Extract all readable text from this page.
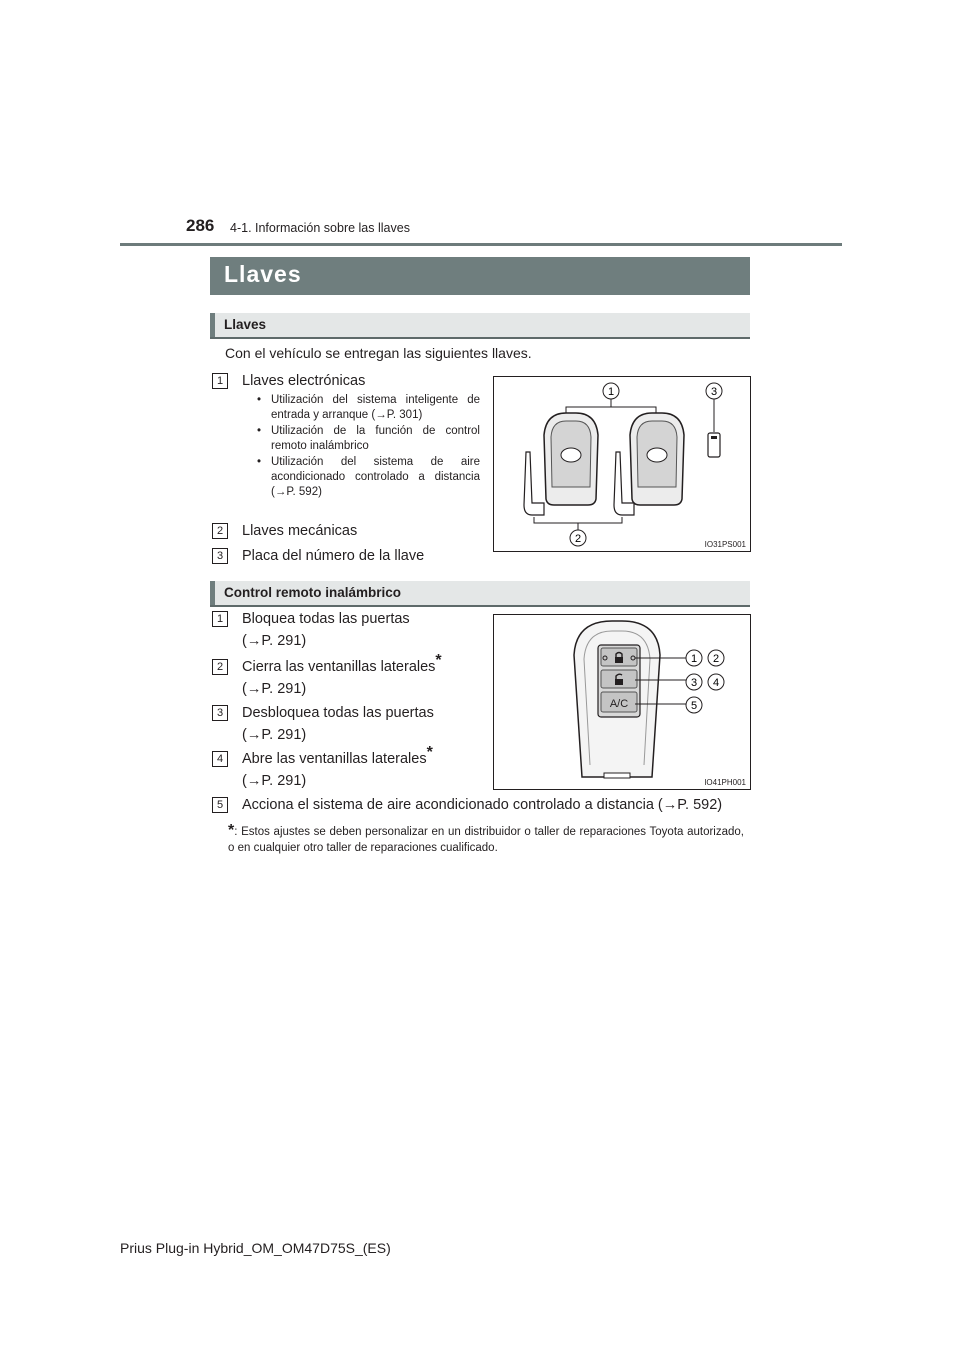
286 4-1. Información sobre las llaves
Llaves
Llaves
Con el vehículo se entregan las siguientes llaves.
1	Llaves electrónicas
• Utilización del sistema inteligente de entrada y arranque (→P. 301)
• Utilización de la función de control remoto inalámbrico
• Utilización del sistema de aire acondicionado controlado a distancia (→P. 592)
2	Llaves mecánicas
3	Placa del número de la llave
1	3
2	IO31PS001
Control remoto inalámbrico
1	Bloquea todas las puertas
(→P. 291)
2	Cierra las ventanillas laterales*
(→P. 291)
3	Desbloquea todas las puertas
(→P. 291)
4	Abre las ventanillas laterales*
(→P. 291)
5	Acciona el sistema de aire acondicionado controlado a distancia (→P. 592)
A/C
1 2
3 4
5
IO41PH001
*: Estos ajustes se deben personalizar en un distribuidor o taller de reparaciones Toyota autorizado, o en cualquier otro taller de reparaciones cualificado.
Prius Plug-in Hybrid_OM_OM47D75S_(ES)
